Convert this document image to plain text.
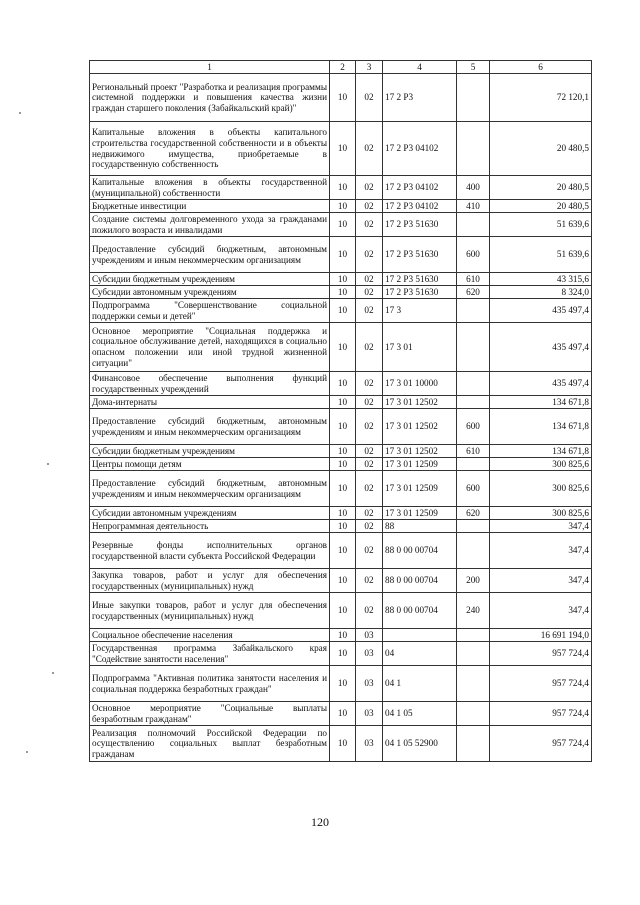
1	2	3	4	5	6
Региональный проект "Разработка и реализация программы системной поддержки и повышения качества жизни граждан старшего поколения (Забайкальский край)"	10	02	17 2 P3		72 120,1
Капитальные вложения в объекты капитального строительства государственной собственности и в объекты недвижимого имущества, приобретаемые в государственную собственность	10	02	17 2 P3 04102		20 480,5
Капитальные вложения в объекты государственной (муниципальной) собственности	10	02	17 2 P3 04102	400	20 480,5
Бюджетные инвестиции	10	02	17 2 P3 04102	410	20 480,5
Создание системы долговременного ухода за гражданами пожилого возраста и инвалидами	10	02	17 2 P3 51630		51 639,6
Предоставление субсидий бюджетным, автономным учреждениям и иным некоммерческим организациям	10	02	17 2 P3 51630	600	51 639,6
Субсидии бюджетным учреждениям	10	02	17 2 P3 51630	610	43 315,6
Субсидии автономным учреждениям	10	02	17 2 P3 51630	620	8 324,0
Подпрограмма "Совершенствование социальной поддержки семьи и детей"	10	02	17 3		435 497,4
Основное мероприятие "Социальная поддержка и социальное обслуживание детей, находящихся в социально опасном положении или иной трудной жизненной ситуации"	10	02	17 3 01		435 497,4
Финансовое обеспечение выполнения функций государственных учреждений	10	02	17 3 01 10000		435 497,4
Дома-интернаты	10	02	17 3 01 12502		134 671,8
Предоставление субсидий бюджетным, автономным учреждениям и иным некоммерческим организациям	10	02	17 3 01 12502	600	134 671,8
Субсидии бюджетным учреждениям	10	02	17 3 01 12502	610	134 671,8
Центры помощи детям	10	02	17 3 01 12509		300 825,6
Предоставление субсидий бюджетным, автономным учреждениям и иным некоммерческим организациям	10	02	17 3 01 12509	600	300 825,6
Субсидии автономным учреждениям	10	02	17 3 01 12509	620	300 825,6
Непрограммная деятельность	10	02	88		347,4
Резервные фонды исполнительных органов государственной власти субъекта Российской Федерации	10	02	88 0 00 00704		347,4
Закупка товаров, работ и услуг для обеспечения государственных (муниципальных) нужд	10	02	88 0 00 00704	200	347,4
Иные закупки товаров, работ и услуг для обеспечения государственных (муниципальных) нужд	10	02	88 0 00 00704	240	347,4
Социальное обеспечение населения	10	03			16 691 194,0
Государственная программа Забайкальского края "Содействие занятости населения"	10	03	04		957 724,4
Подпрограмма "Активная политика занятости населения и социальная поддержка безработных граждан"	10	03	04 1		957 724,4
Основное мероприятие "Социальные выплаты безработным гражданам"	10	03	04 1 05		957 724,4
Реализация полномочий Российской Федерации по осуществлению социальных выплат безработным гражданам	10	03	04 1 05 52900		957 724,4
120
